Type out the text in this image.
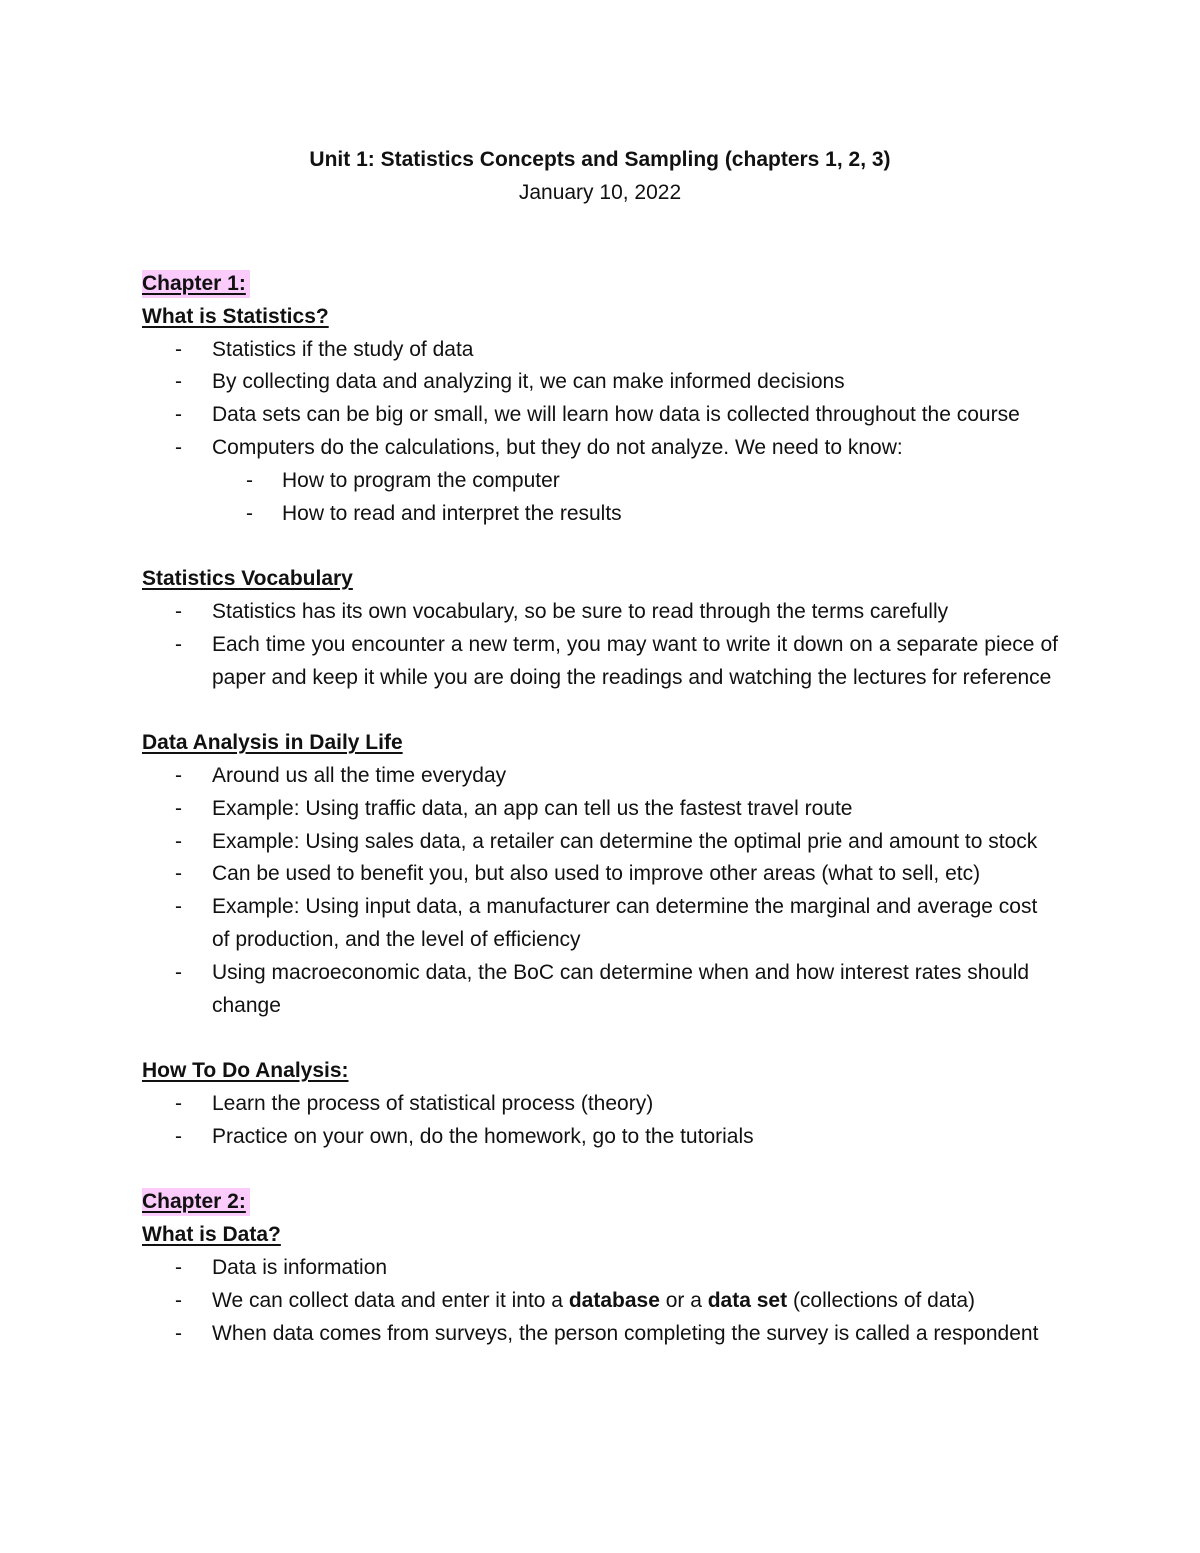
Unit 1: Statistics Concepts and Sampling (chapters 1, 2, 3)
January 10, 2022
Chapter 1:
What is Statistics?
- Statistics if the study of data
- By collecting data and analyzing it, we can make informed decisions
- Data sets can be big or small, we will learn how data is collected throughout the course
- Computers do the calculations, but they do not analyze. We need to know:
- How to program the computer
- How to read and interpret the results
Statistics Vocabulary
- Statistics has its own vocabulary, so be sure to read through the terms carefully
- Each time you encounter a new term, you may want to write it down on a separate piece of paper and keep it while you are doing the readings and watching the lectures for reference
Data Analysis in Daily Life
- Around us all the time everyday
- Example: Using traffic data, an app can tell us the fastest travel route
- Example: Using sales data, a retailer can determine the optimal prie and amount to stock
- Can be used to benefit you, but also used to improve other areas (what to sell, etc)
- Example: Using input data, a manufacturer can determine the marginal and average cost of production, and the level of efficiency
- Using macroeconomic data, the BoC can determine when and how interest rates should change
How To Do Analysis:
- Learn the process of statistical process (theory)
- Practice on your own, do the homework, go to the tutorials
Chapter 2:
What is Data?
- Data is information
- We can collect data and enter it into a database or a data set (collections of data)
- When data comes from surveys, the person completing the survey is called a respondent
